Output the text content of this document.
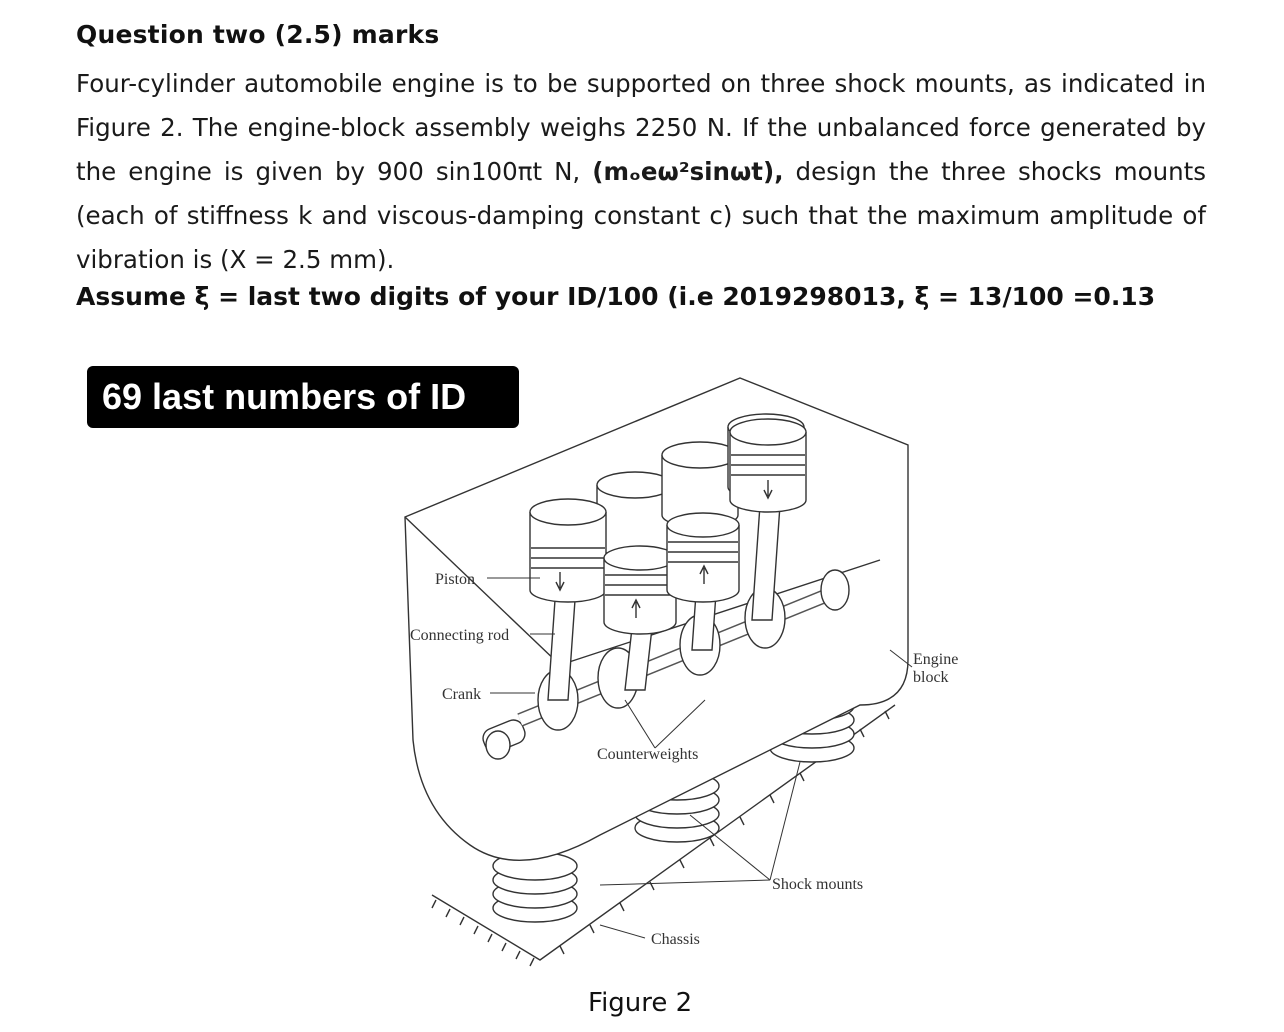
Question two (2.5) marks
Four-cylinder automobile engine is to be supported on three shock mounts, as indicated in Figure 2. The engine-block assembly weighs 2250 N. If the unbalanced force generated by the engine is given by 900 sin100πt N, (mₒeω²sinωt), design the three shocks mounts (each of stiffness k and viscous-damping constant c) such that the maximum amplitude of vibration is (X = 2.5 mm).
Assume ξ = last two digits of your ID/100 (i.e 2019298013, ξ = 13/100 =0.13
Piston
Connecting rod
Crank
Counterweights
Engine
block
Shock mounts
Chassis
69 last numbers of ID
Figure 2
